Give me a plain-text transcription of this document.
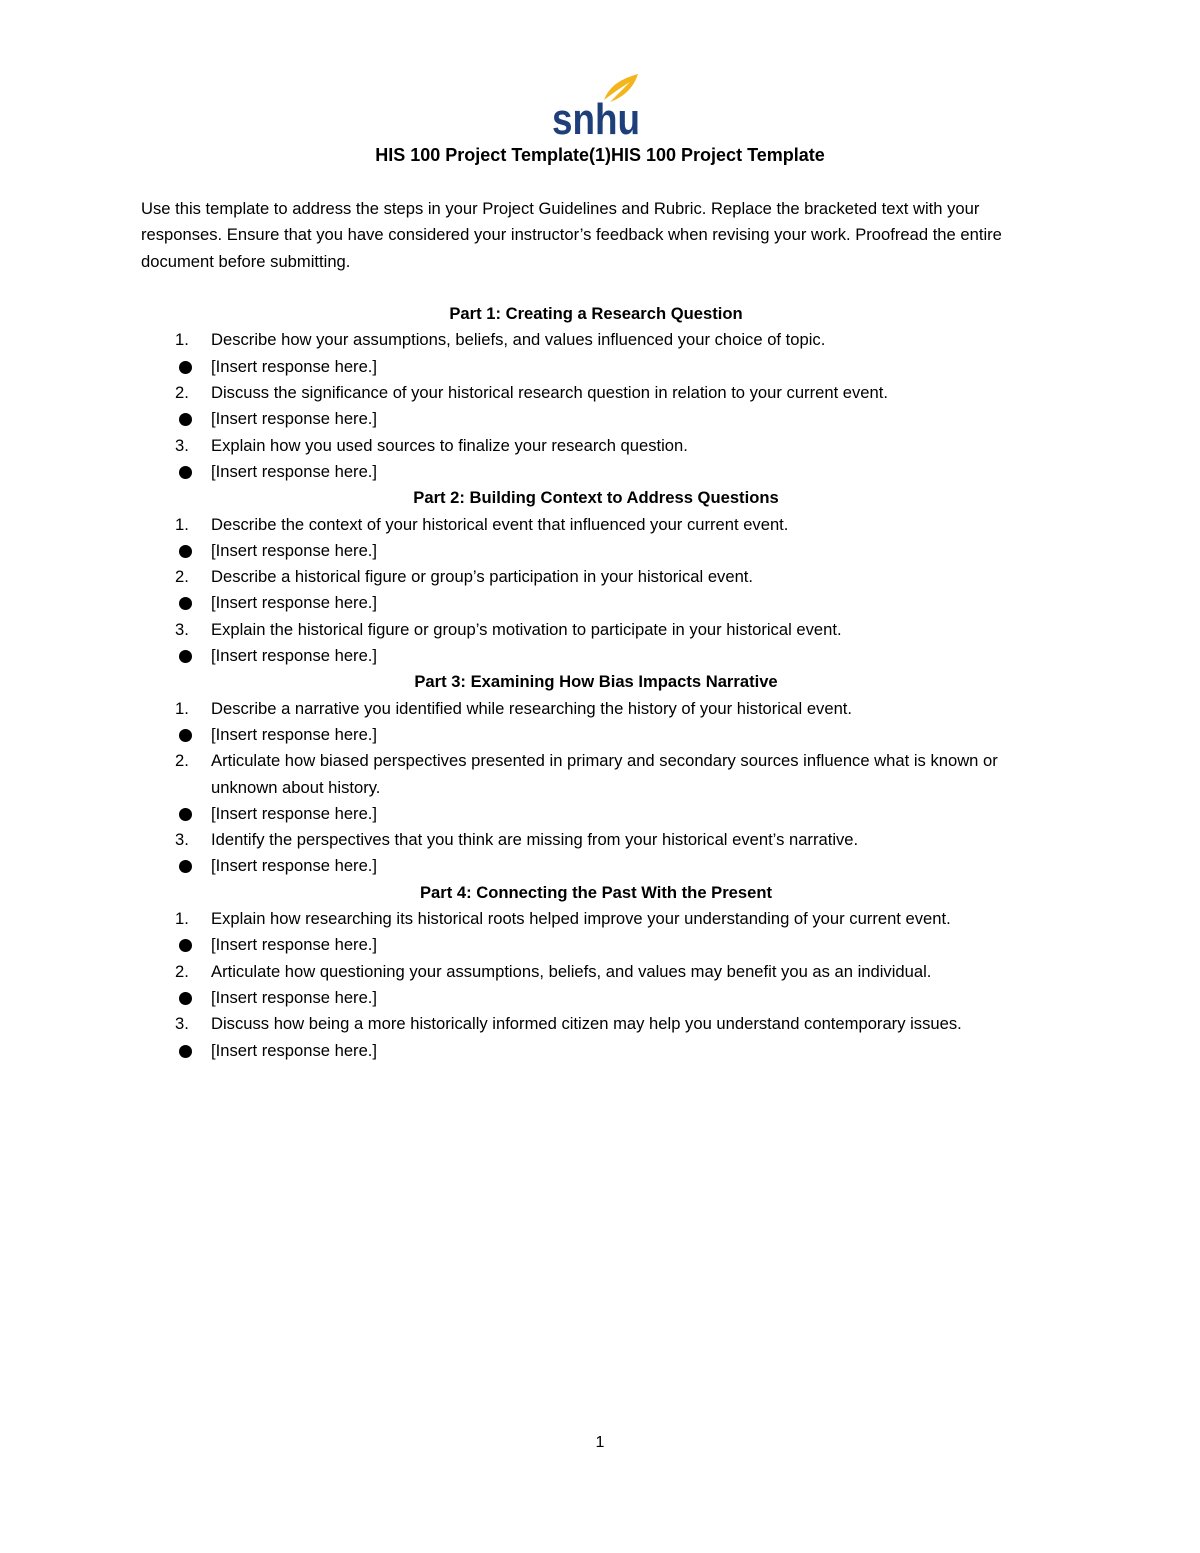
snhu
HIS 100 Project Template(1)HIS 100 Project Template

Use this template to address the steps in your Project Guidelines and Rubric. Replace the bracketed text with your responses. Ensure that you have considered your instructor’s feedback when revising your work. Proofread the entire document before submitting.

Part 1: Creating a Research Question
1. Describe how your assumptions, beliefs, and values influenced your choice of topic.
[Insert response here.]
2. Discuss the significance of your historical research question in relation to your current event.
[Insert response here.]
3. Explain how you used sources to finalize your research question.
[Insert response here.]
Part 2: Building Context to Address Questions
1. Describe the context of your historical event that influenced your current event.
[Insert response here.]
2. Describe a historical figure or group’s participation in your historical event.
[Insert response here.]
3. Explain the historical figure or group’s motivation to participate in your historical event.
[Insert response here.]
Part 3: Examining How Bias Impacts Narrative
1. Describe a narrative you identified while researching the history of your historical event.
[Insert response here.]
2. Articulate how biased perspectives presented in primary and secondary sources influence what is known or unknown about history.
[Insert response here.]
3. Identify the perspectives that you think are missing from your historical event’s narrative.
[Insert response here.]
Part 4: Connecting the Past With the Present
1. Explain how researching its historical roots helped improve your understanding of your current event.
[Insert response here.]
2. Articulate how questioning your assumptions, beliefs, and values may benefit you as an individual.
[Insert response here.]
3. Discuss how being a more historically informed citizen may help you understand contemporary issues.
[Insert response here.]
1
